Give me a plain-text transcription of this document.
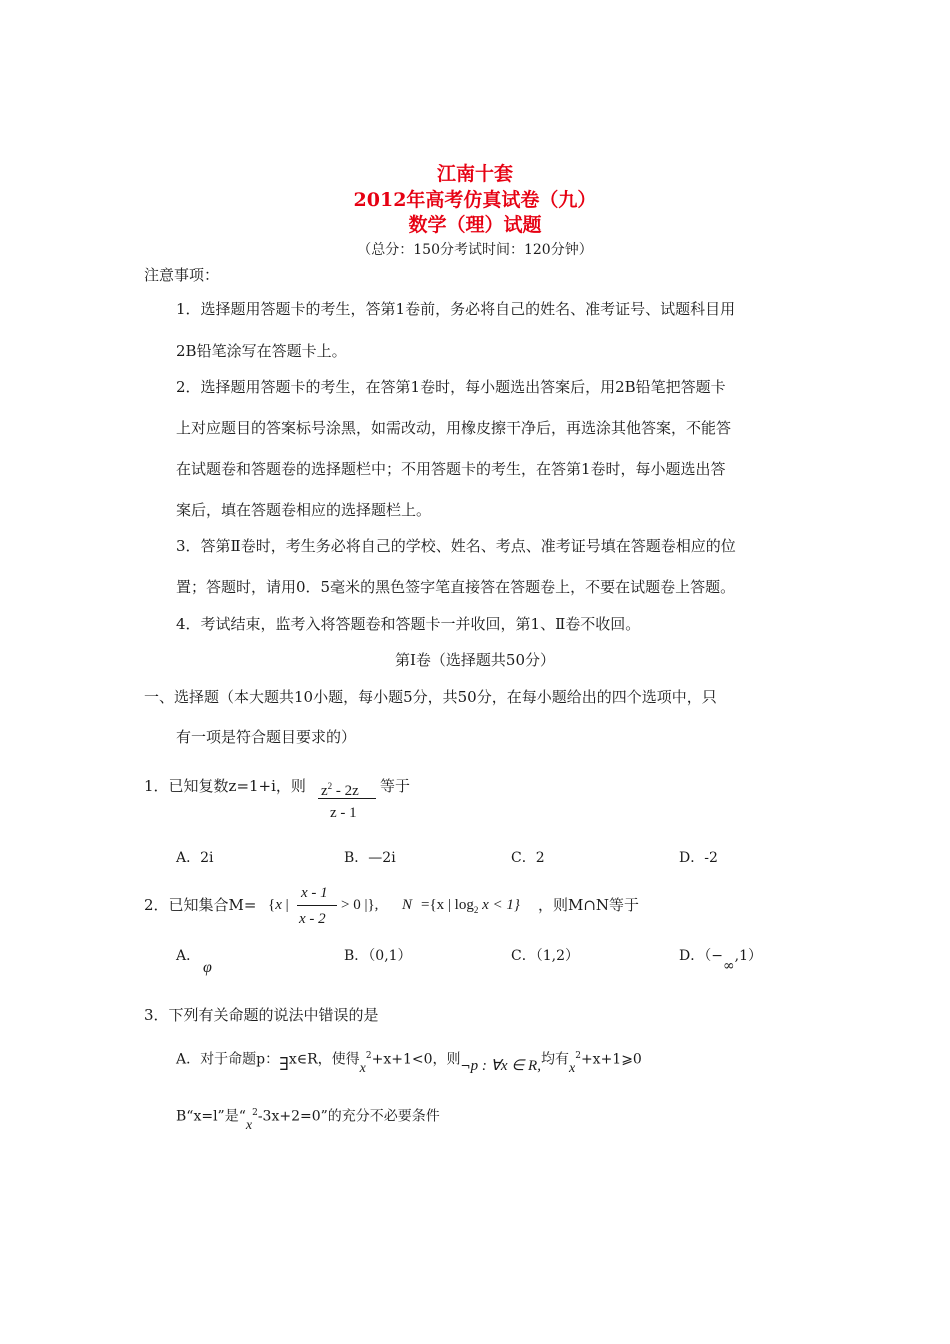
江南十套
2012年高考仿真试卷（九）
数学（理）试题
（总分：150分考试时间：120分钟）
注意事项：
1．选择题用答题卡的考生，答第1卷前，务必将自己的姓名、准考证号、试题科目用
2B铅笔涂写在答题卡上。
2．选择题用答题卡的考生，在答第1卷时，每小题选出答案后，用2B铅笔把答题卡
上对应题目的答案标号涂黑，如需改动，用橡皮擦干净后，再选涂其他答案，不能答
在试题卷和答题卷的选择题栏中；不用答题卡的考生，在答第1卷时，每小题选出答
案后，填在答题卷相应的选择题栏上。
3．答第Ⅱ卷时，考生务必将自己的学校、姓名、考点、准考证号填在答题卷相应的位
置；答题时，请用0．5毫米的黑色签字笔直接答在答题卷上，不要在试题卷上答题。
4．考试结束，监考入将答题卷和答题卡一并收回，第1、Ⅱ卷不收回。
第Ⅰ卷（选择题共50分）
一、选择题（本大题共10小题，每小题5分，共50分，在每小题给出的四个选项中，只
有一项是符合题目要求的）
1．已知复数z=1+i，则 $z^2 - 2z$
z - 1
等于
A．2i	B．—2i	C．2	D．-2
2．已知集合M= {x |
x - 1
x - 2
> 0 |}, N ={x | $\log_2 x < 1$} ，则M∩N等于
A．
φ
B．（0,1）	C．（1,2）	D．（−∞,1）
3．下列有关命题的说法中错误的是
A．对于命题p：∃x∈R，使得$x^2+x+1<0$，则¬p : ∀x ∈ R,均有$x^2+x+1⩾0$
B“x=l”是“$x^2-3x+2=0$”的充分不必要条件
